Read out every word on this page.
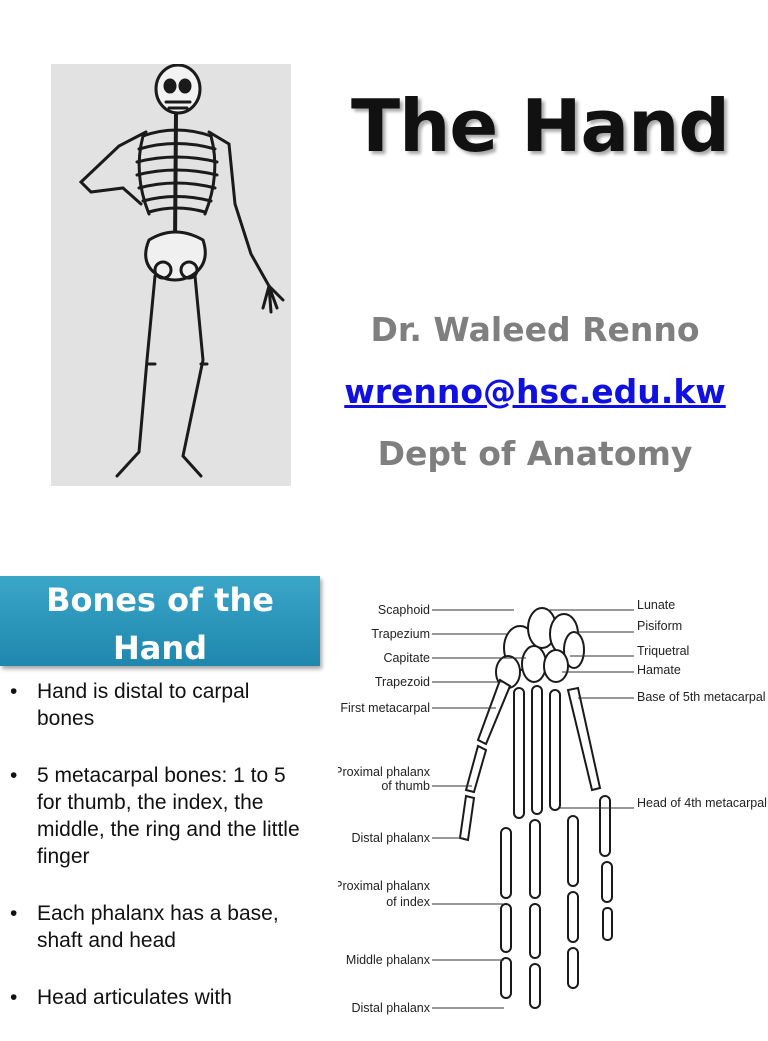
The Hand
Dr. Waleed Renno
wrenno@hsc.edu.kw
Dept of Anatomy
Bones of the
Hand
• Hand is distal to carpal bones
• 5 metacarpal bones: 1 to 5 for thumb, the index, the middle, the ring and the little finger
• Each phalanx has a base, shaft and head
• Head articulates with
Scaphoid
Trapezium
Capitate
Trapezoid
First metacarpal
Proximal phalanx
of thumb
Distal phalanx
Proximal phalanx
of index
Middle phalanx
Distal phalanx
Lunate
Pisiform
Triquetral
Hamate
Base of 5th metacarpal
Head of 4th metacarpal
